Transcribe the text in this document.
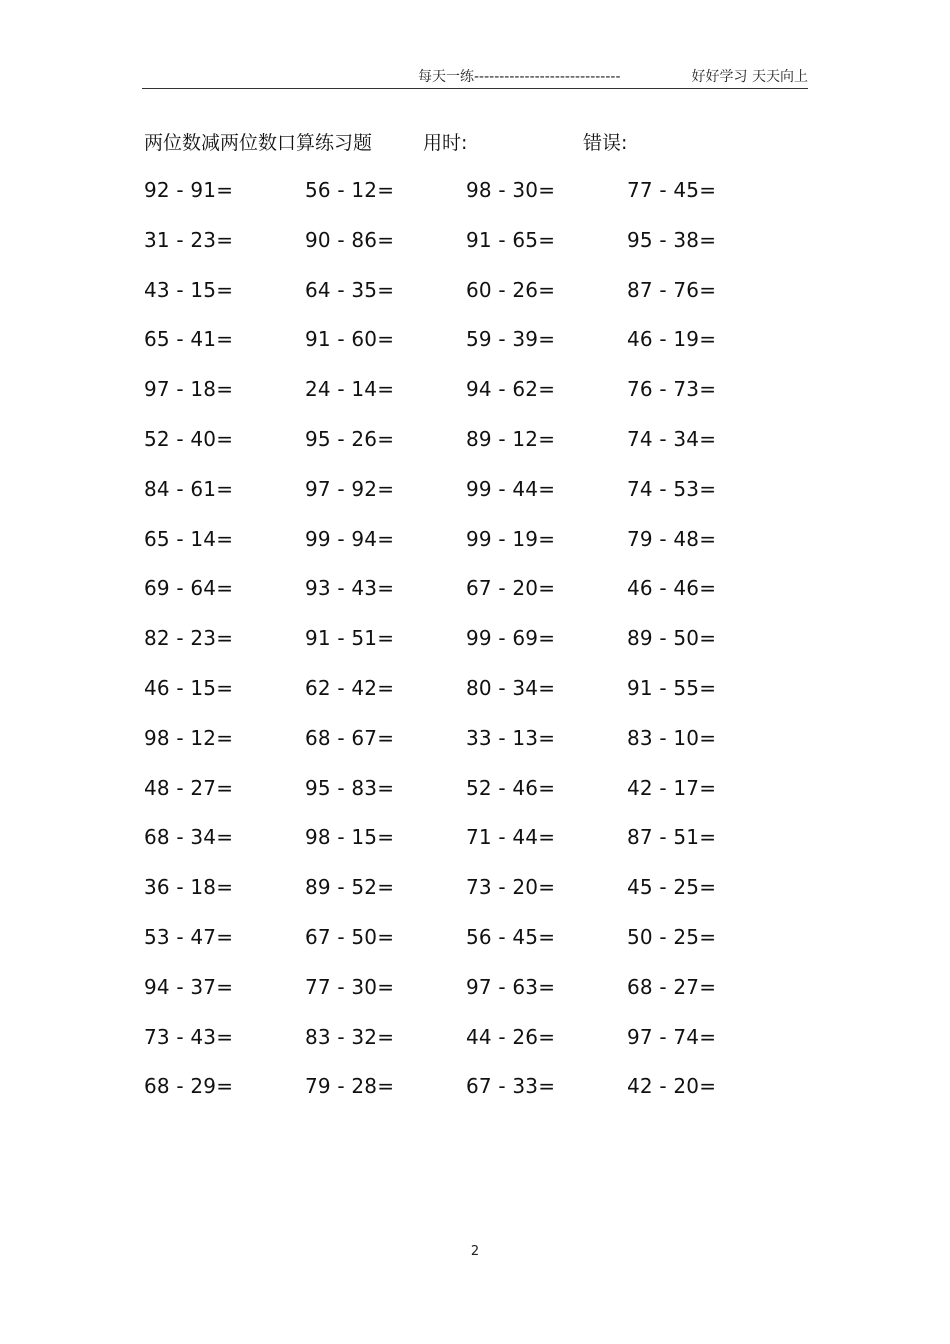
每天一练-----------------------------	好好学习 天天向上
两位数减两位数口算练习题	用时:	错误:
92 - 91=	56 - 12=	98 - 30=	77 - 45=
31 - 23=	90 - 86=	91 - 65=	95 - 38=
43 - 15=	64 - 35=	60 - 26=	87 - 76=
65 - 41=	91 - 60=	59 - 39=	46 - 19=
97 - 18=	24 - 14=	94 - 62=	76 - 73=
52 - 40=	95 - 26=	89 - 12=	74 - 34=
84 - 61=	97 - 92=	99 - 44=	74 - 53=
65 - 14=	99 - 94=	99 - 19=	79 - 48=
69 - 64=	93 - 43=	67 - 20=	46 - 46=
82 - 23=	91 - 51=	99 - 69=	89 - 50=
46 - 15=	62 - 42=	80 - 34=	91 - 55=
98 - 12=	68 - 67=	33 - 13=	83 - 10=
48 - 27=	95 - 83=	52 - 46=	42 - 17=
68 - 34=	98 - 15=	71 - 44=	87 - 51=
36 - 18=	89 - 52=	73 - 20=	45 - 25=
53 - 47=	67 - 50=	56 - 45=	50 - 25=
94 - 37=	77 - 30=	97 - 63=	68 - 27=
73 - 43=	83 - 32=	44 - 26=	97 - 74=
68 - 29=	79 - 28=	67 - 33=	42 - 20=
2
